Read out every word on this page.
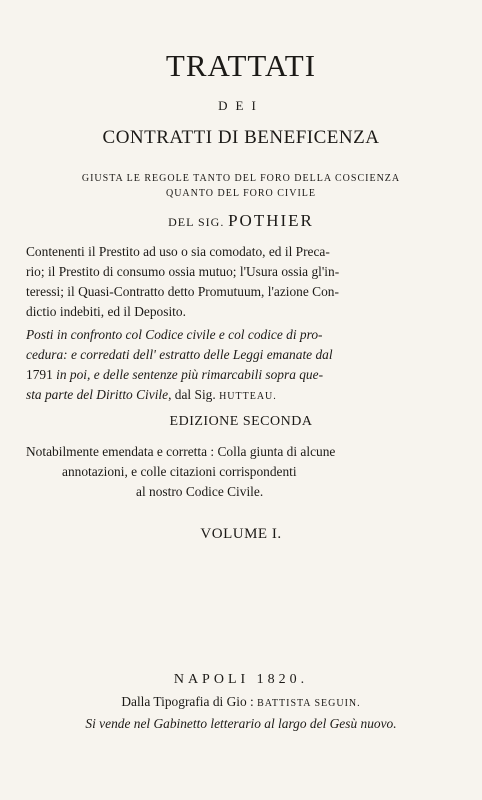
TRATTATI
DEI
CONTRATTI DI BENEFICENZA
GIUSTA LE REGOLE TANTO DEL FORO DELLA COSCIENZA
QUANTO DEL FORO CIVILE
DEL SIG. POTHIER
Contenenti il Prestito ad uso o sia comodato, ed il Preca-
rio; il Prestito di consumo ossia mutuo; l'Usura ossia gl'in-
teressi; il Quasi-Contratto detto Promutuum, l'azione Con-
dictio indebiti, ed il Deposito.
Posti in confronto col Codice civile e col codice di pro-
cedura: e corredati dell' estratto delle Leggi emanate dal
1791 in poi, e delle sentenze più rimarcabili sopra que-
sta parte del Diritto Civile, dal Sig. HUTTEAU.
EDIZIONE SECONDA
Notabilmente emendata e corretta : Colla giunta di alcune
annotazioni, e colle citazioni corrispondenti
al nostro Codice Civile.
VOLUME I.
NAPOLI 1820.
Dalla Tipografia di Gio : BATTISTA SEGUIN.
Si vende nel Gabinetto letterario al largo del Gesù nuovo.
